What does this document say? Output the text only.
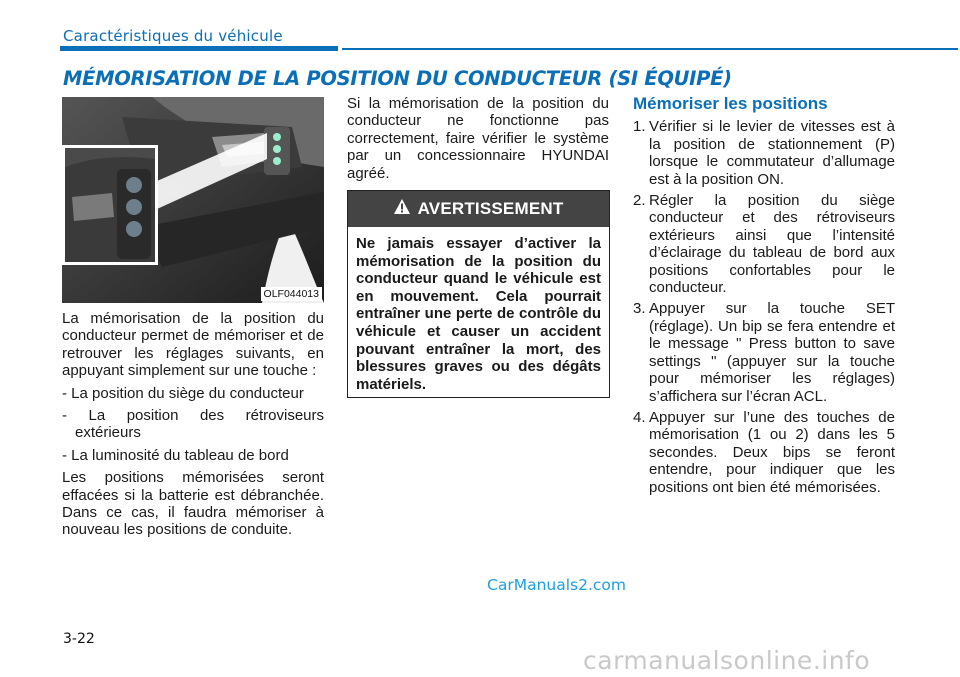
Caractéristiques du véhicule
MÉMORISATION DE LA POSITION DU CONDUCTEUR (SI ÉQUIPÉ)
OLF044013

La mémorisation de la position du conducteur permet de mémoriser et de retrouver les réglages suivants, en appuyant simplement sur une touche :

- La position du siège du conducteur

- La position des rétroviseurs extérieurs

- La luminosité du tableau de bord

Les positions mémorisées seront effacées si la batterie est débranchée. Dans ce cas, il faudra mémoriser à nouveau les positions de conduite.

Si la mémorisation de la position du conducteur ne fonctionne pas correctement, faire vérifier le système par un concessionnaire HYUNDAI agréé.

AVERTISSEMENT
Ne jamais essayer d’activer la mémorisation de la position du conducteur quand le véhicule est en mouvement. Cela pourrait entraîner une perte de contrôle du véhicule et causer un accident pouvant entraîner la mort, des blessures graves ou des dégâts matériels.
Mémoriser les positions
1. Vérifier si le levier de vitesses est à la position de stationnement (P) lorsque le commutateur d’allumage est à la position ON.
2. Régler la position du siège conducteur et des rétroviseurs extérieurs ainsi que l’intensité d’éclairage du tableau de bord aux positions confortables pour le conducteur.
3. Appuyer sur la touche SET (réglage). Un bip se fera entendre et le message " Press button to save settings " (appuyer sur la touche pour mémoriser les réglages) s’affichera sur l’écran ACL.
4. Appuyer sur l’une des touches de mémorisation (1 ou 2) dans les 5 secondes. Deux bips se feront entendre, pour indiquer que les positions ont bien été mémorisées.
CarManuals2.com
3-22
carmanualsonline.info
